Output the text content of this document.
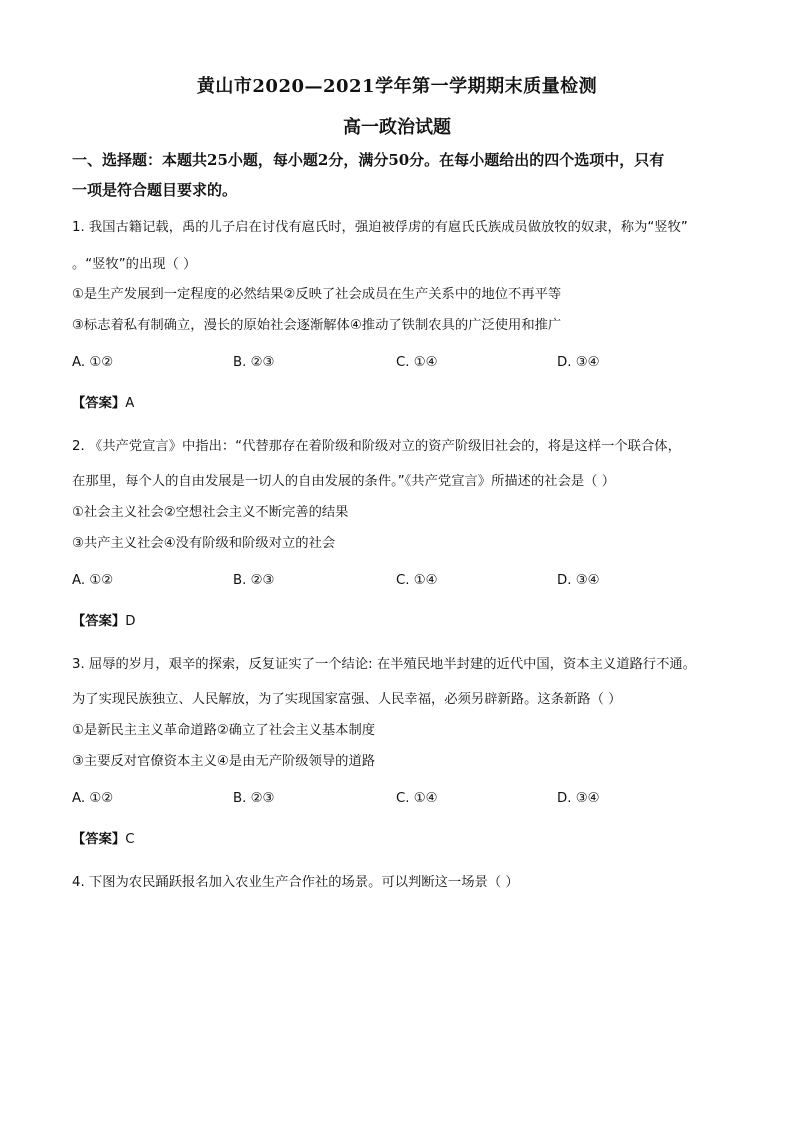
黄山市2020—2021学年第一学期期末质量检测
高一政治试题
一、选择题：本题共25小题，每小题2分，满分50分。在每小题给出的四个选项中，只有
一项是符合题目要求的。
1. 我国古籍记载，禹的儿子启在讨伐有扈氏时，强迫被俘虏的有扈氏氏族成员做放牧的奴隶，称为“竖牧”
。“竖牧”的出现（ ）
①是生产发展到一定程度的必然结果②反映了社会成员在生产关系中的地位不再平等
③标志着私有制确立，漫长的原始社会逐渐解体④推动了铁制农具的广泛使用和推广
A. ①②	B. ②③	C. ①④	D. ③④
【答案】A
2. 《共产党宣言》中指出：“代替那存在着阶级和阶级对立的资产阶级旧社会的，将是这样一个联合体，
在那里，每个人的自由发展是一切人的自由发展的条件。”《共产党宣言》所描述的社会是（ ）
①社会主义社会②空想社会主义不断完善的结果
③共产主义社会④没有阶级和阶级对立的社会
A. ①②	B. ②③	C. ①④	D. ③④
【答案】D
3. 屈辱的岁月，艰辛的探索，反复证实了一个结论: 在半殖民地半封建的近代中国，资本主义道路行不通。
为了实现民族独立、人民解放，为了实现国家富强、人民幸福，必须另辟新路。这条新路（ ）
①是新民主主义革命道路②确立了社会主义基本制度
③主要反对官僚资本主义④是由无产阶级领导的道路
A. ①②	B. ②③	C. ①④	D. ③④
【答案】C
4. 下图为农民踊跃报名加入农业生产合作社的场景。可以判断这一场景（ ）
